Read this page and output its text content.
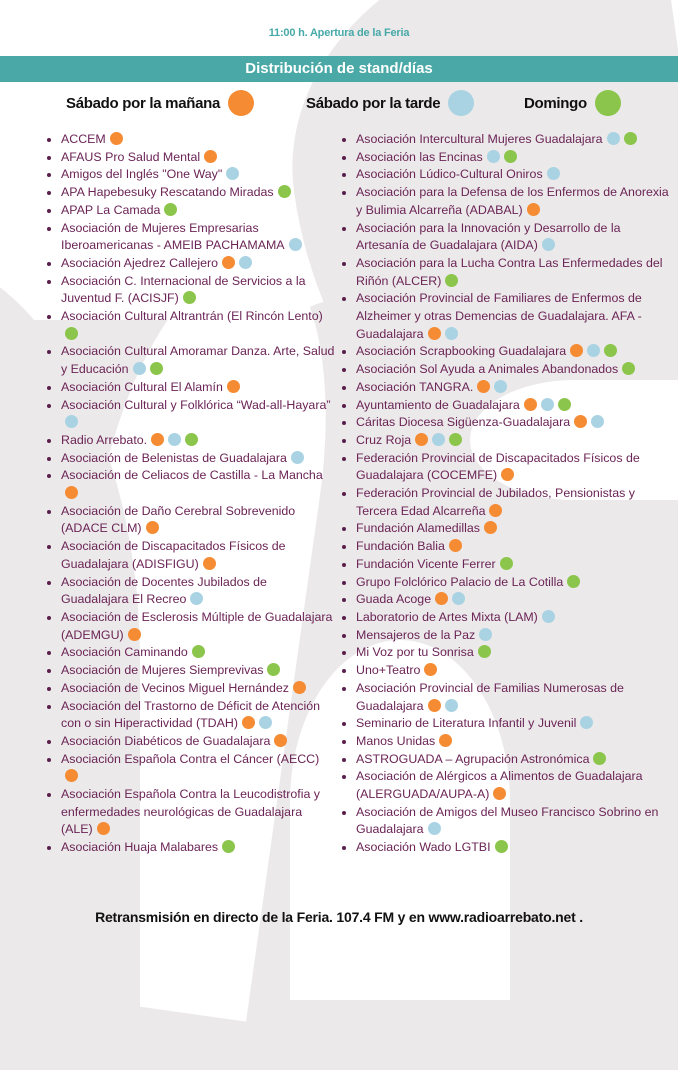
11:00 h. Apertura de la Feria
Distribución de stand/días
Sábado por la mañana	Sábado por la tarde	Domingo
ACCEM
AFAUS Pro Salud Mental
Amigos del Inglés "One Way"
APA Hapebesuky Rescatando Miradas
APAP La Camada
Asociación de Mujeres Empresarias Iberoamericanas - AMEIB PACHAMAMA
Asociación Ajedrez Callejero
Asociación C. Internacional de Servicios a la Juventud F. (ACISJF)
Asociación Cultural Altrantrán (El Rincón Lento)
Asociación Cultural Amoramar Danza. Arte, Salud y Educación
Asociación Cultural El Alamín
Asociación Cultural y Folklórica “Wad-all-Hayara”
Radio Arrebato.
Asociación de Belenistas de Guadalajara
Asociación de Celiacos de Castilla - La Mancha
Asociación de Daño Cerebral Sobrevenido (ADACE CLM)
Asociación de Discapacitados Físicos de Guadalajara (ADISFIGU)
Asociación de Docentes Jubilados de Guadalajara El Recreo
Asociación de Esclerosis Múltiple de Guadalajara (ADEMGU)
Asociación Caminando
Asociación de Mujeres Siemprevivas
Asociación de Vecinos Miguel Hernández
Asociación del Trastorno de Déficit de Atención con o sin Hiperactividad (TDAH)
Asociación Diabéticos de Guadalajara
Asociación Española Contra el Cáncer (AECC)
Asociación Española Contra la Leucodistrofia y enfermedades neurológicas de Guadalajara (ALE)
Asociación Huaja Malabares
Asociación Intercultural Mujeres Guadalajara
Asociación las Encinas
Asociación Lúdico-Cultural Oniros
Asociación para la Defensa de los Enfermos de Anorexia y Bulimia Alcarreña (ADABAL)
Asociación para la Innovación y Desarrollo de la Artesanía de Guadalajara (AIDA)
Asociación para la Lucha Contra Las Enfermedades del Riñón (ALCER)
Asociación Provincial de Familiares de Enfermos de Alzheimer y otras Demencias de Guadalajara. AFA - Guadalajara
Asociación Scrapbooking Guadalajara
Asociación Sol Ayuda a Animales Abandonados
Asociación TANGRA.
Ayuntamiento de Guadalajara
Cáritas Diocesa Sigüenza-Guadalajara
Cruz Roja
Federación Provincial de Discapacitados Físicos de Guadalajara (COCEMFE)
Federación Provincial de Jubilados, Pensionistas y Tercera Edad Alcarreña
Fundación Alamedillas
Fundación Balia
Fundación Vicente Ferrer
Grupo Folclórico Palacio de La Cotilla
Guada Acoge
Laboratorio de Artes Mixta (LAM)
Mensajeros de la Paz
Mi Voz por tu Sonrisa
Uno+Teatro
Asociación Provincial de Familias Numerosas de Guadalajara
Seminario de Literatura Infantil y Juvenil
Manos Unidas
ASTROGUADA – Agrupación Astronómica
Asociación de Alérgicos a Alimentos de Guadalajara (ALERGUADA/AUPA-A)
Asociación de Amigos del Museo Francisco Sobrino en Guadalajara
Asociación Wado LGTBI
Retransmisión en directo de la Feria. 107.4 FM y en www.radioarrebato.net .
